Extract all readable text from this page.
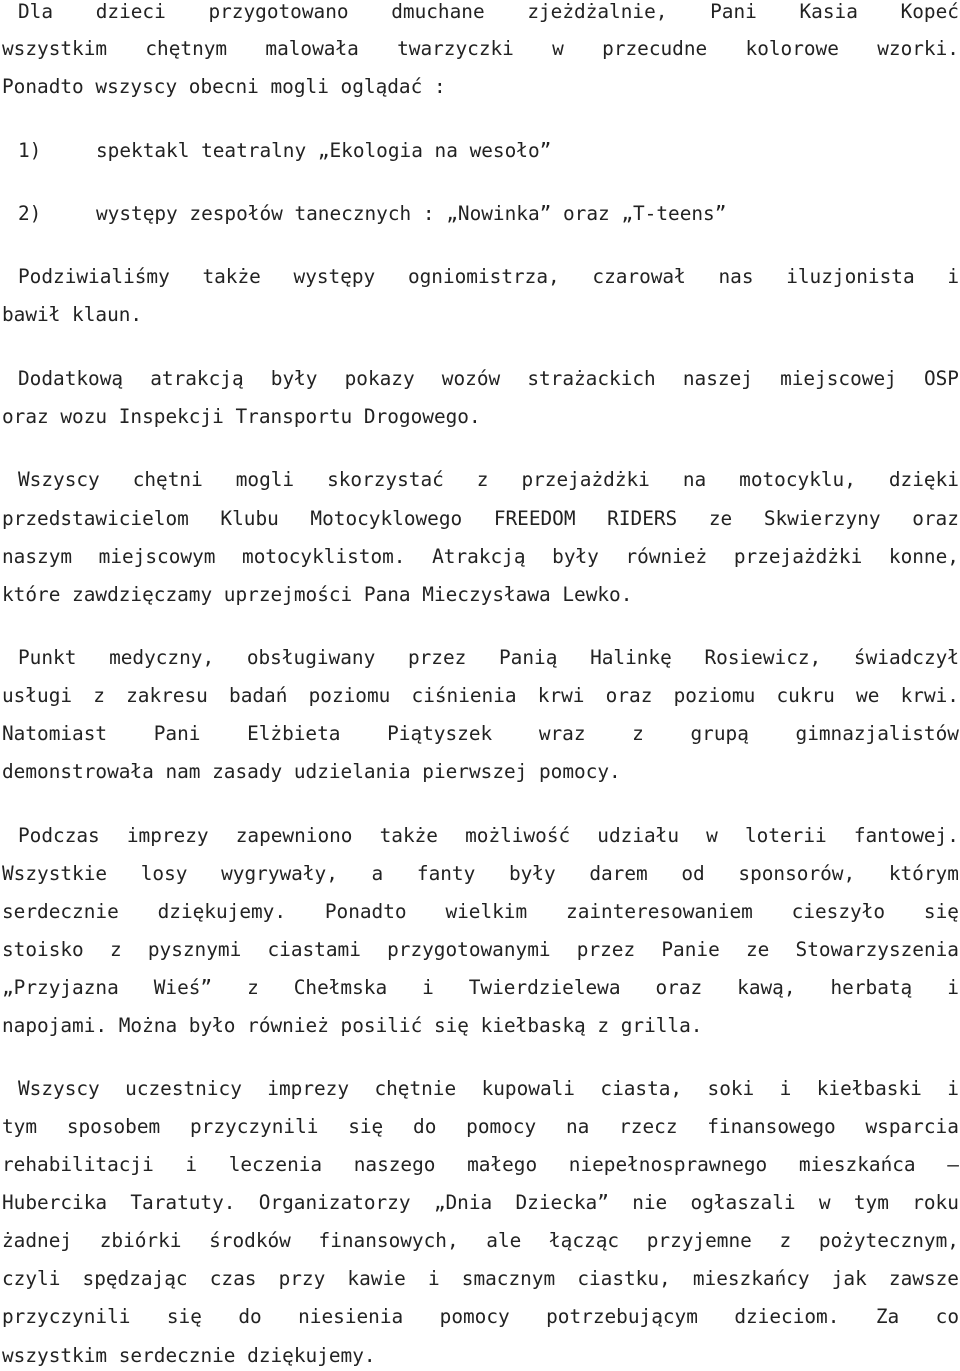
Dla dzieci przygotowano dmuchane zjeżdżalnie, Pani Kasia Kopeć
wszystkim chętnym malowała twarzyczki w przecudne kolorowe wzorki.
Ponadto wszyscy obecni mogli oglądać :
1)	spektakl teatralny „Ekologia na wesoło”
2)	występy zespołów tanecznych : „Nowinka” oraz „T-teens”
Podziwialiśmy także występy ogniomistrza, czarował nas iluzjonista i
bawił klaun.
Dodatkową atrakcją były pokazy wozów strażackich naszej miejscowej OSP
oraz wozu Inspekcji Transportu Drogowego.
Wszyscy chętni mogli skorzystać z przejażdżki na motocyklu, dzięki
przedstawicielom Klubu Motocyklowego FREEDOM RIDERS ze Skwierzyny oraz
naszym miejscowym motocyklistom. Atrakcją były również przejażdżki konne,
które zawdzięczamy uprzejmości Pana Mieczysława Lewko.
Punkt medyczny, obsługiwany przez Panią Halinkę Rosiewicz, świadczył
usługi z zakresu badań poziomu ciśnienia krwi oraz poziomu cukru we krwi.
Natomiast Pani Elżbieta Piątyszek wraz z grupą gimnazjalistów
demonstrowała nam zasady udzielania pierwszej pomocy.
Podczas imprezy zapewniono także możliwość udziału w loterii fantowej.
Wszystkie losy wygrywały, a fanty były darem od sponsorów, którym
serdecznie dziękujemy. Ponadto wielkim zainteresowaniem cieszyło się
stoisko z pysznymi ciastami przygotowanymi przez Panie ze Stowarzyszenia
„Przyjazna Wieś” z Chełmska i Twierdzielewa oraz kawą, herbatą i
napojami. Można było również posilić się kiełbaską z grilla.
Wszyscy uczestnicy imprezy chętnie kupowali ciasta, soki i kiełbaski i
tym sposobem przyczynili się do pomocy na rzecz finansowego wsparcia
rehabilitacji i leczenia naszego małego niepełnosprawnego mieszkańca –
Hubercika Taratuty. Organizatorzy „Dnia Dziecka” nie ogłaszali w tym roku
żadnej zbiórki środków finansowych, ale łącząc przyjemne z pożytecznym,
czyli spędzając czas przy kawie i smacznym ciastku, mieszkańcy jak zawsze
przyczynili się do niesienia pomocy potrzebującym dzieciom. Za co
wszystkim serdecznie dziękujemy.
